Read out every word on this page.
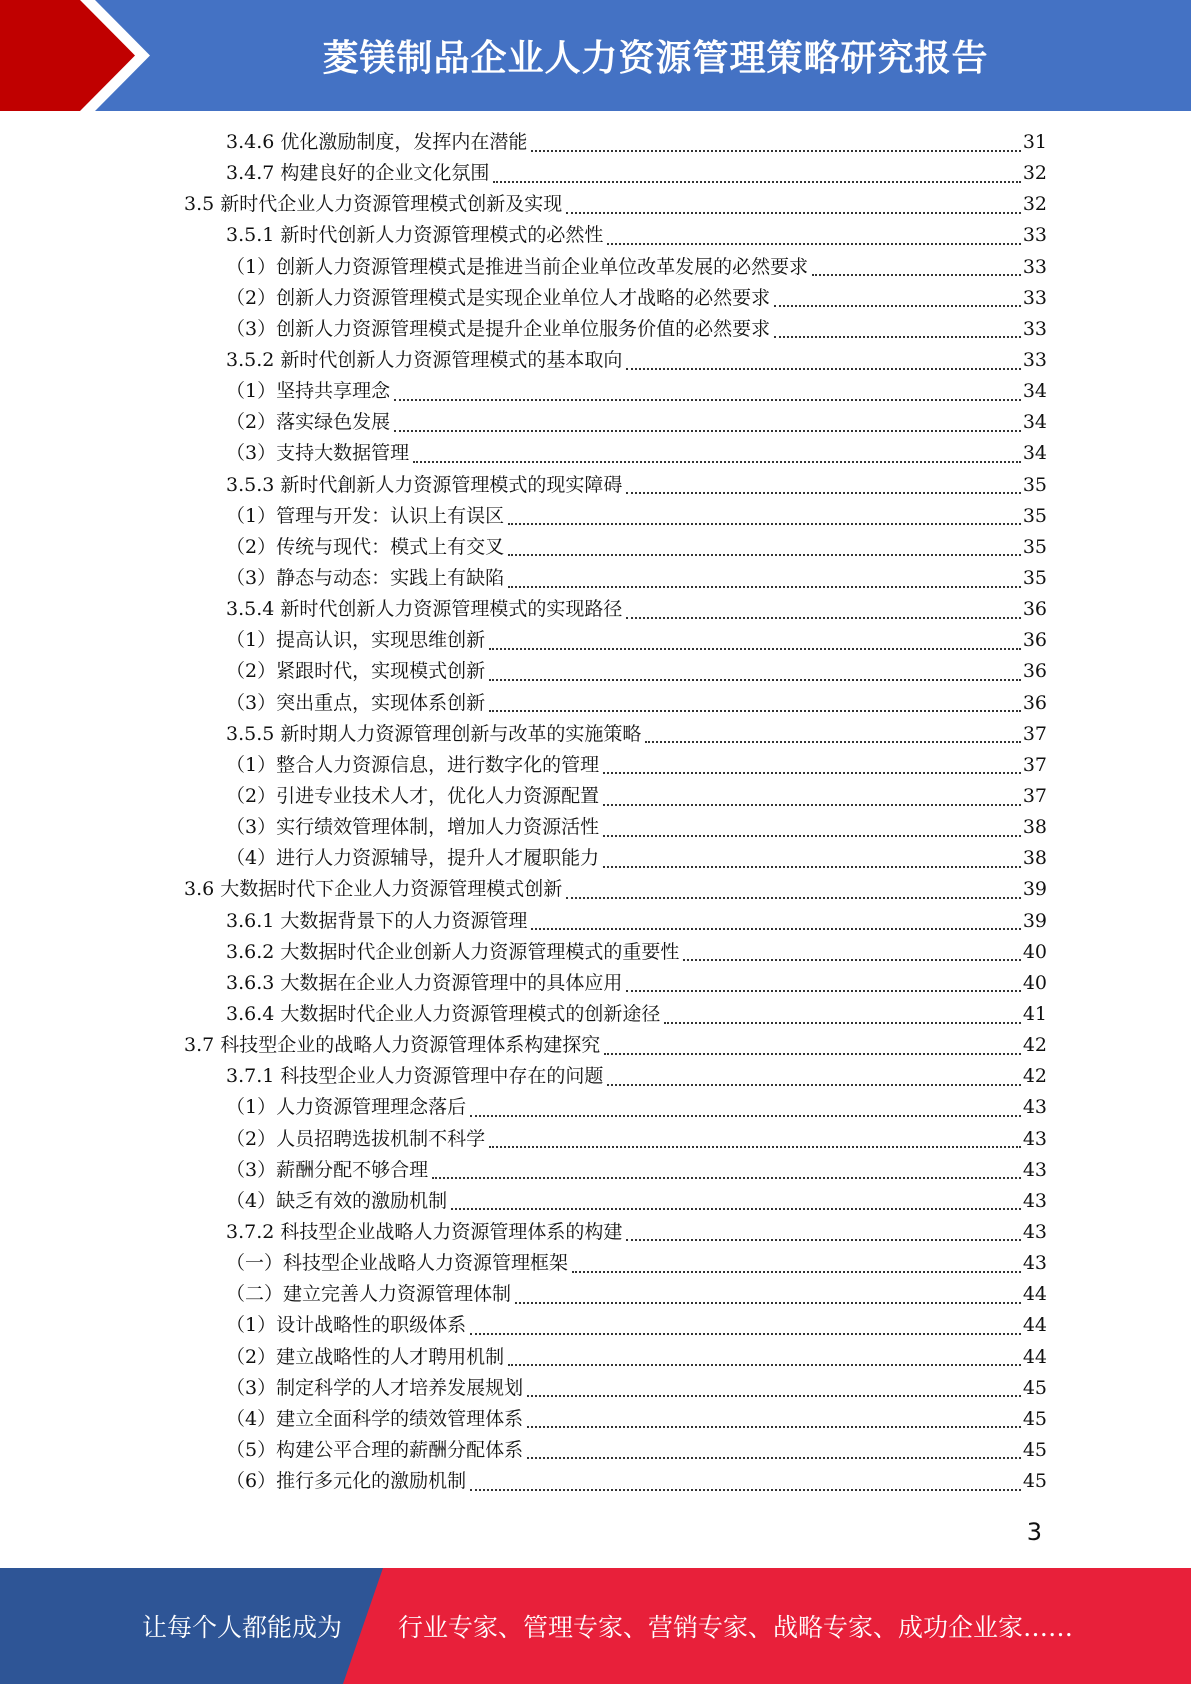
菱镁制品企业人力资源管理策略研究报告
3.4.6 优化激励制度，发挥内在潜能	31
3.4.7 构建良好的企业文化氛围	32
3.5 新时代企业人力资源管理模式创新及实现	32
3.5.1 新时代创新人力资源管理模式的必然性	33
（1）创新人力资源管理模式是推进当前企业单位改革发展的必然要求	33
（2）创新人力资源管理模式是实现企业单位人才战略的必然要求	33
（3）创新人力资源管理模式是提升企业单位服务价值的必然要求	33
3.5.2 新时代创新人力资源管理模式的基本取向	33
（1）坚持共享理念	34
（2）落实绿色发展	34
（3）支持大数据管理	34
3.5.3 新时代創新人力资源管理模式的现实障碍	35
（1）管理与开发：认识上有误区	35
（2）传统与现代：模式上有交叉	35
（3）静态与动态：实践上有缺陷	35
3.5.4 新时代创新人力资源管理模式的实现路径	36
（1）提高认识，实现思维创新	36
（2）紧跟时代，实现模式创新	36
（3）突出重点，实现体系创新	36
3.5.5 新时期人力资源管理创新与改革的实施策略	37
（1）整合人力资源信息，进行数字化的管理	37
（2）引进专业技术人才，优化人力资源配置	37
（3）实行绩效管理体制，增加人力资源活性	38
（4）进行人力资源辅导，提升人才履职能力	38
3.6 大数据时代下企业人力资源管理模式创新	39
3.6.1 大数据背景下的人力资源管理	39
3.6.2 大数据时代企业创新人力资源管理模式的重要性	40
3.6.3 大数据在企业人力资源管理中的具体应用	40
3.6.4 大数据时代企业人力资源管理模式的创新途径	41
3.7 科技型企业的战略人力资源管理体系构建探究	42
3.7.1 科技型企业人力资源管理中存在的问题	42
（1）人力资源管理理念落后	43
（2）人员招聘选拔机制不科学	43
（3）薪酬分配不够合理	43
（4）缺乏有效的激励机制	43
3.7.2 科技型企业战略人力资源管理体系的构建	43
（一）科技型企业战略人力资源管理框架	43
（二）建立完善人力资源管理体制	44
（1）设计战略性的职级体系	44
（2）建立战略性的人才聘用机制	44
（3）制定科学的人才培养发展规划	45
（4）建立全面科学的绩效管理体系	45
（5）构建公平合理的薪酬分配体系	45
（6）推行多元化的激励机制	45
3
让每个人都能成为 行业专家、管理专家、营销专家、战略专家、成功企业家……
